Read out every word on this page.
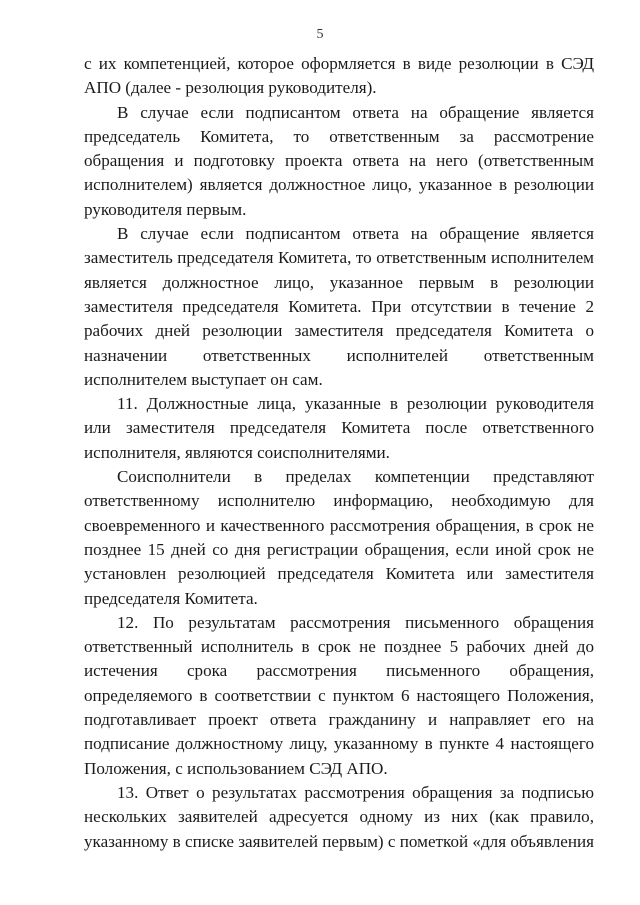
5

с их компетенцией, которое оформляется в виде резолюции в СЭД АПО (далее - резолюция руководителя).

В случае если подписантом ответа на обращение является председатель Комитета, то ответственным за рассмотрение обращения и подготовку проекта ответа на него (ответственным исполнителем) является должностное лицо, указанное в резолюции руководителя первым.

В случае если подписантом ответа на обращение является заместитель председателя Комитета, то ответственным исполнителем является должностное лицо, указанное первым в резолюции заместителя председателя Комитета. При отсутствии в течение 2 рабочих дней резолюции заместителя председателя Комитета о назначении ответственных исполнителей ответственным исполнителем выступает он сам.

11. Должностные лица, указанные в резолюции руководителя или заместителя председателя Комитета после ответственного исполнителя, являются соисполнителями.

Соисполнители в пределах компетенции представляют ответственному исполнителю информацию, необходимую для своевременного и качественного рассмотрения обращения, в срок не позднее 15 дней со дня регистрации обращения, если иной срок не установлен резолюцией председателя Комитета или заместителя председателя Комитета.

12. По результатам рассмотрения письменного обращения ответственный исполнитель в срок не позднее 5 рабочих дней до истечения срока рассмотрения письменного обращения, определяемого в соответствии с пунктом 6 настоящего Положения, подготавливает проект ответа гражданину и направляет его на подписание должностному лицу, указанному в пункте 4 настоящего Положения, с использованием СЭД АПО.

13. Ответ о результатах рассмотрения обращения за подписью нескольких заявителей адресуется одному из них (как правило, указанному в списке заявителей первым) с пометкой «для объявления
